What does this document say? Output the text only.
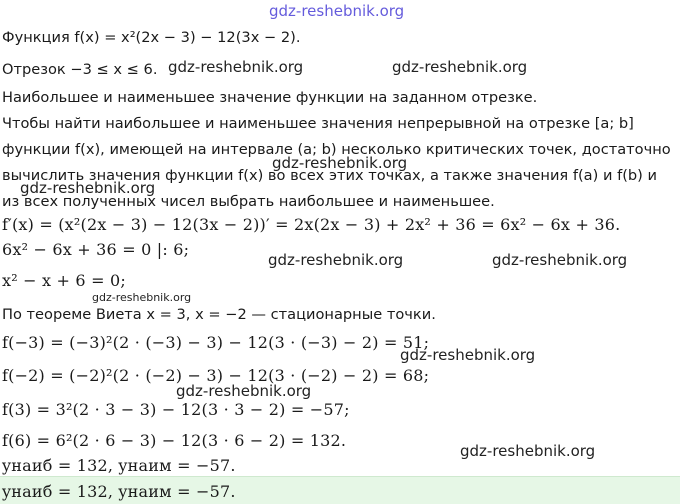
Функция f(x) = x²(2x − 3) − 12(3x − 2).
Отрезок −3 ≤ x ≤ 6.
Наибольшее и наименьшее значение функции на заданном отрезке.
Чтобы найти наибольшее и наименьшее значения непрерывной на отрезке [a; b]
функции f(x), имеющей на интервале (a; b) несколько критических точек, достаточно
вычислить значения функции f(x) во всех этих точках, а также значения f(a) и f(b) и
из всех полученных чисел выбрать наибольшее и наименьшее.
f′(x) = (x²(2x − 3) − 12(3x − 2))′ = 2x(2x − 3) + 2x² + 36 = 6x² − 6x + 36.
6x² − 6x + 36 = 0 |: 6;
x² − x + 6 = 0;
По теореме Виета x = 3, x = −2 — стационарные точки.
f(−3) = (−3)²(2 · (−3) − 3) − 12(3 · (−3) − 2) = 51;
f(−2) = (−2)²(2 · (−2) − 3) − 12(3 · (−2) − 2) = 68;
f(3) = 3²(2 · 3 − 3) − 12(3 · 3 − 2) = −57;
f(6) = 6²(2 · 6 − 3) − 12(3 · 6 − 2) = 132.
yнаиб = 132, yнаим = −57.
yнаиб = 132, yнаим = −57.
gdz-reshebnik.org
gdz-reshebnik.org	gdz-reshebnik.org
gdz-reshebnik.org
gdz-reshebnik.org
gdz-reshebnik.org	gdz-reshebnik.org
gdz-reshebnik.org
gdz-reshebnik.org
gdz-reshebnik.org
gdz-reshebnik.org
